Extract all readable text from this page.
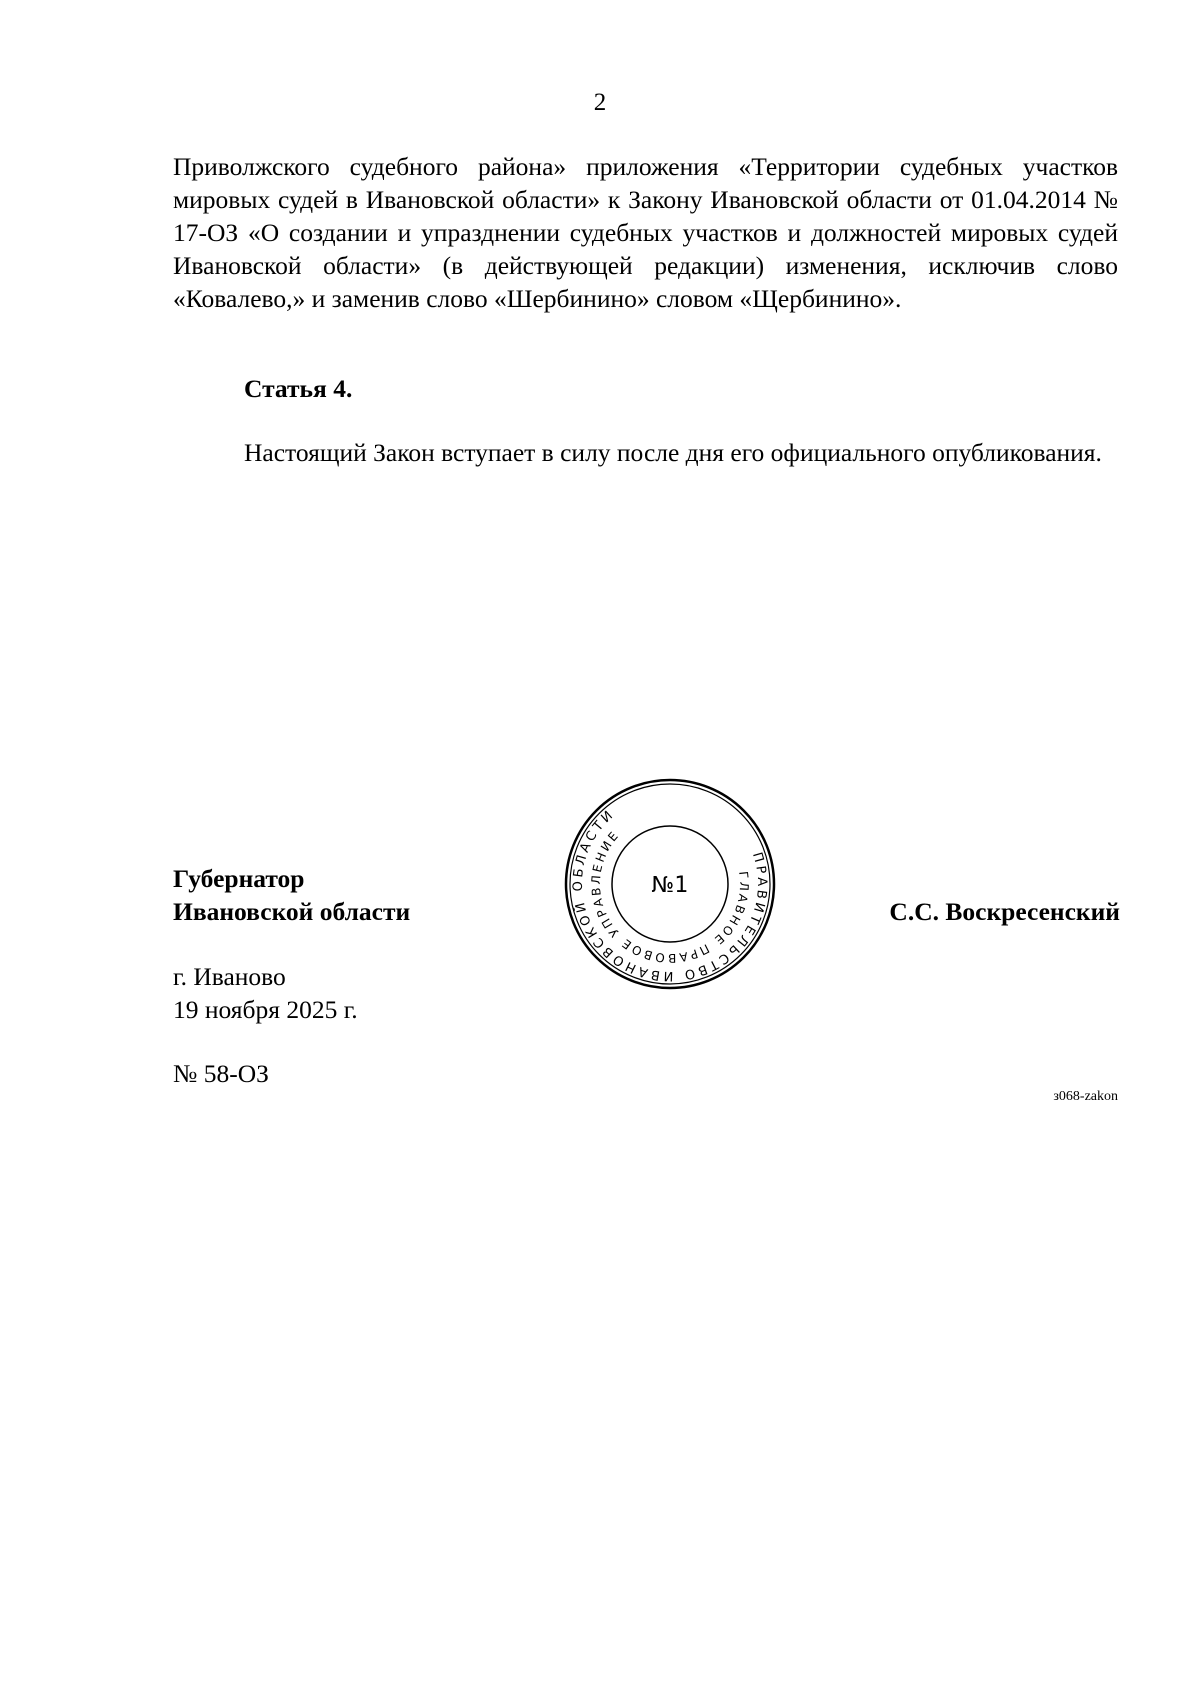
2

Приволжского судебного района» приложения «Территории судебных участков мировых судей в Ивановской области» к Закону Ивановской области от 01.04.2014 № 17-ОЗ «О создании и упразднении судебных участков и должностей мировых судей Ивановской области» (в действующей редакции) изменения, исключив слово «Ковалево,» и заменив слово «Шербинино» словом «Щербинино».

Статья 4.
Настоящий Закон вступает в силу после дня его официального опубликования.
Губернатор
Ивановской области
ПРАВИТЕЛЬСТВО ИВАНОВСКОЙ ОБЛАСТИ
ГЛАВНОЕ ПРАВОВОЕ УПРАВЛЕНИЕ
№1
С.С. Воскресенский
г. Иваново
19 ноября 2025 г.
№ 58-ОЗ
з068-zakon
